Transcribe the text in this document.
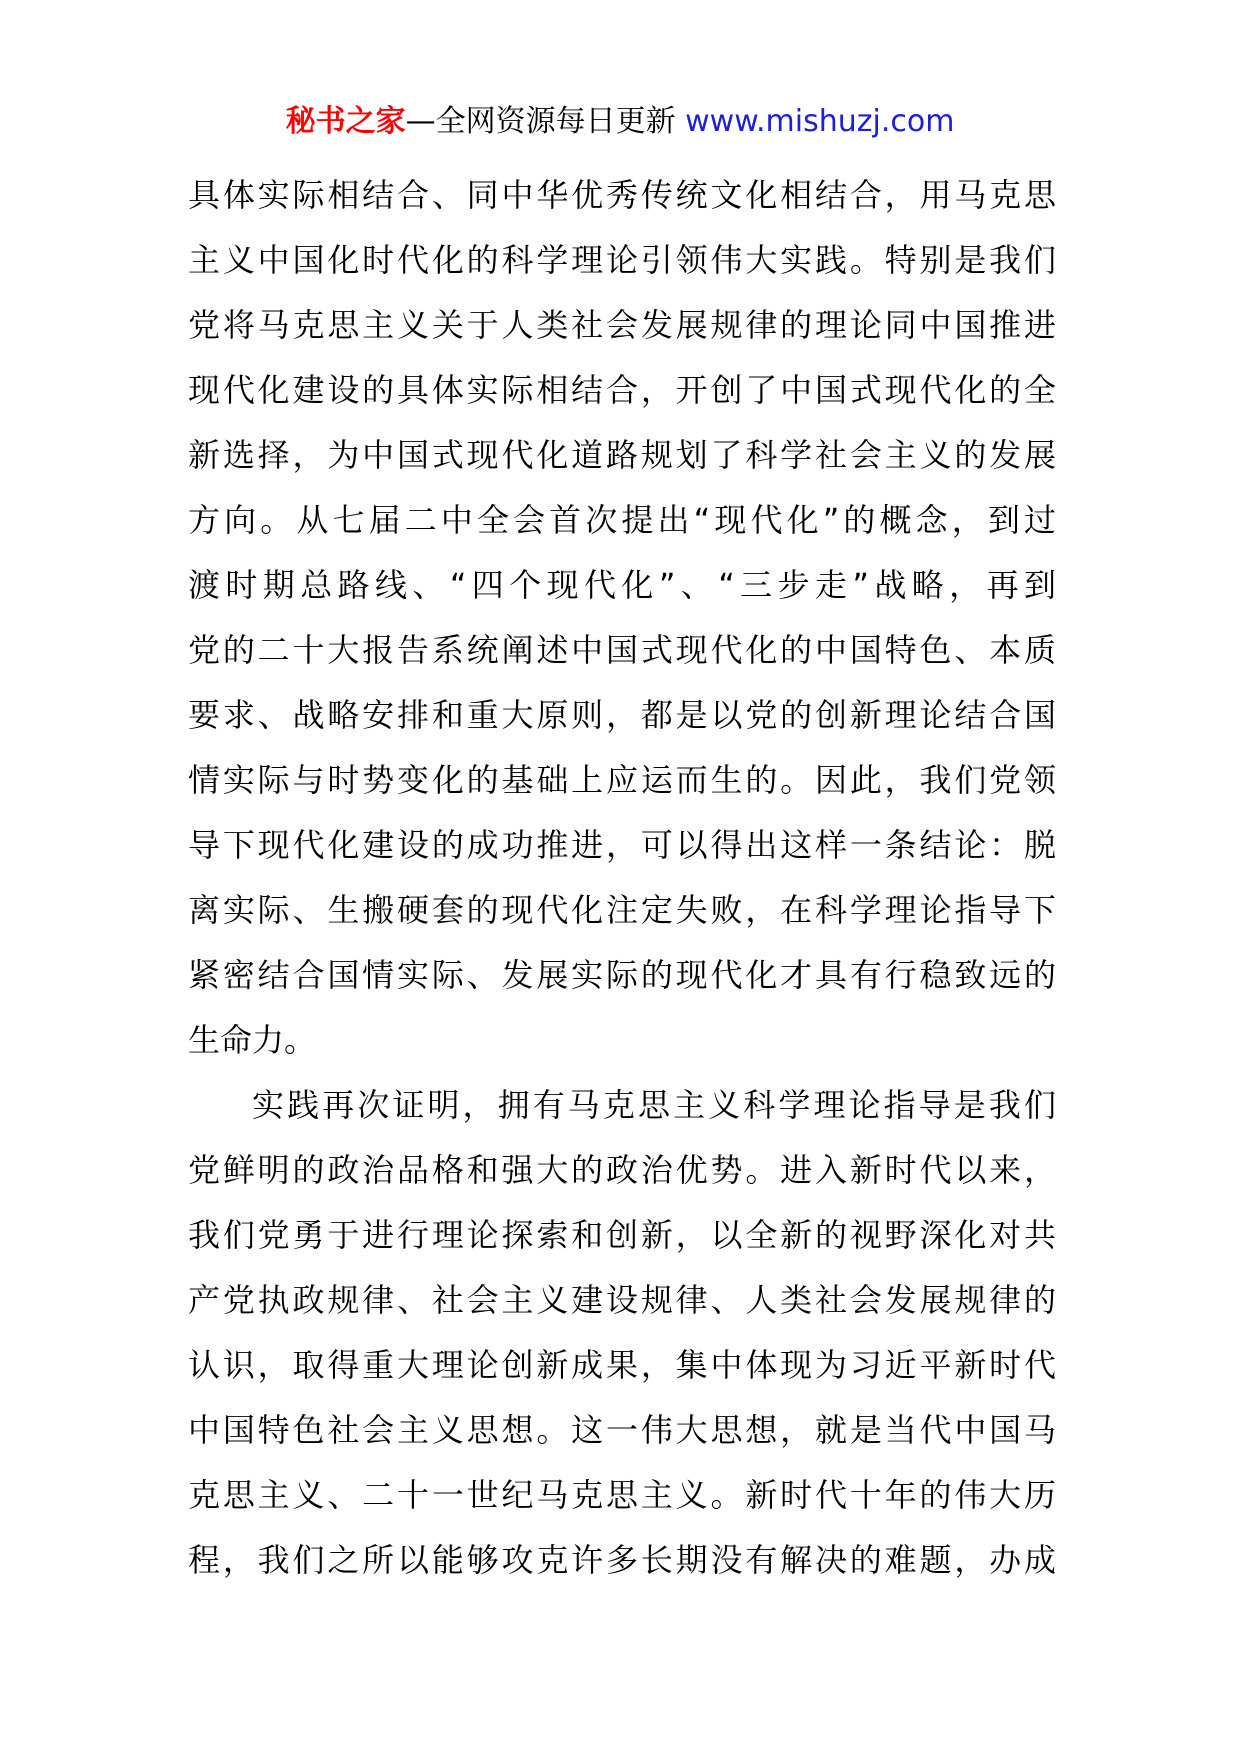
秘书之家—全网资源每日更新 www.mishuzj.com
具体实际相结合、同中华优秀传统文化相结合，用马克思
主义中国化时代化的科学理论引领伟大实践。特别是我们
党将马克思主义关于人类社会发展规律的理论同中国推进
现代化建设的具体实际相结合，开创了中国式现代化的全
新选择，为中国式现代化道路规划了科学社会主义的发展
方向。从七届二中全会首次提出“现代化”的概念，到过
渡时期总路线、“四个现代化”、“三步走”战略，再到
党的二十大报告系统阐述中国式现代化的中国特色、本质
要求、战略安排和重大原则，都是以党的创新理论结合国
情实际与时势变化的基础上应运而生的。因此，我们党领
导下现代化建设的成功推进，可以得出这样一条结论：脱
离实际、生搬硬套的现代化注定失败，在科学理论指导下
紧密结合国情实际、发展实际的现代化才具有行稳致远的
生命力。
实践再次证明，拥有马克思主义科学理论指导是我们
党鲜明的政治品格和强大的政治优势。进入新时代以来，
我们党勇于进行理论探索和创新，以全新的视野深化对共
产党执政规律、社会主义建设规律、人类社会发展规律的
认识，取得重大理论创新成果，集中体现为习近平新时代
中国特色社会主义思想。这一伟大思想，就是当代中国马
克思主义、二十一世纪马克思主义。新时代十年的伟大历
程，我们之所以能够攻克许多长期没有解决的难题，办成
